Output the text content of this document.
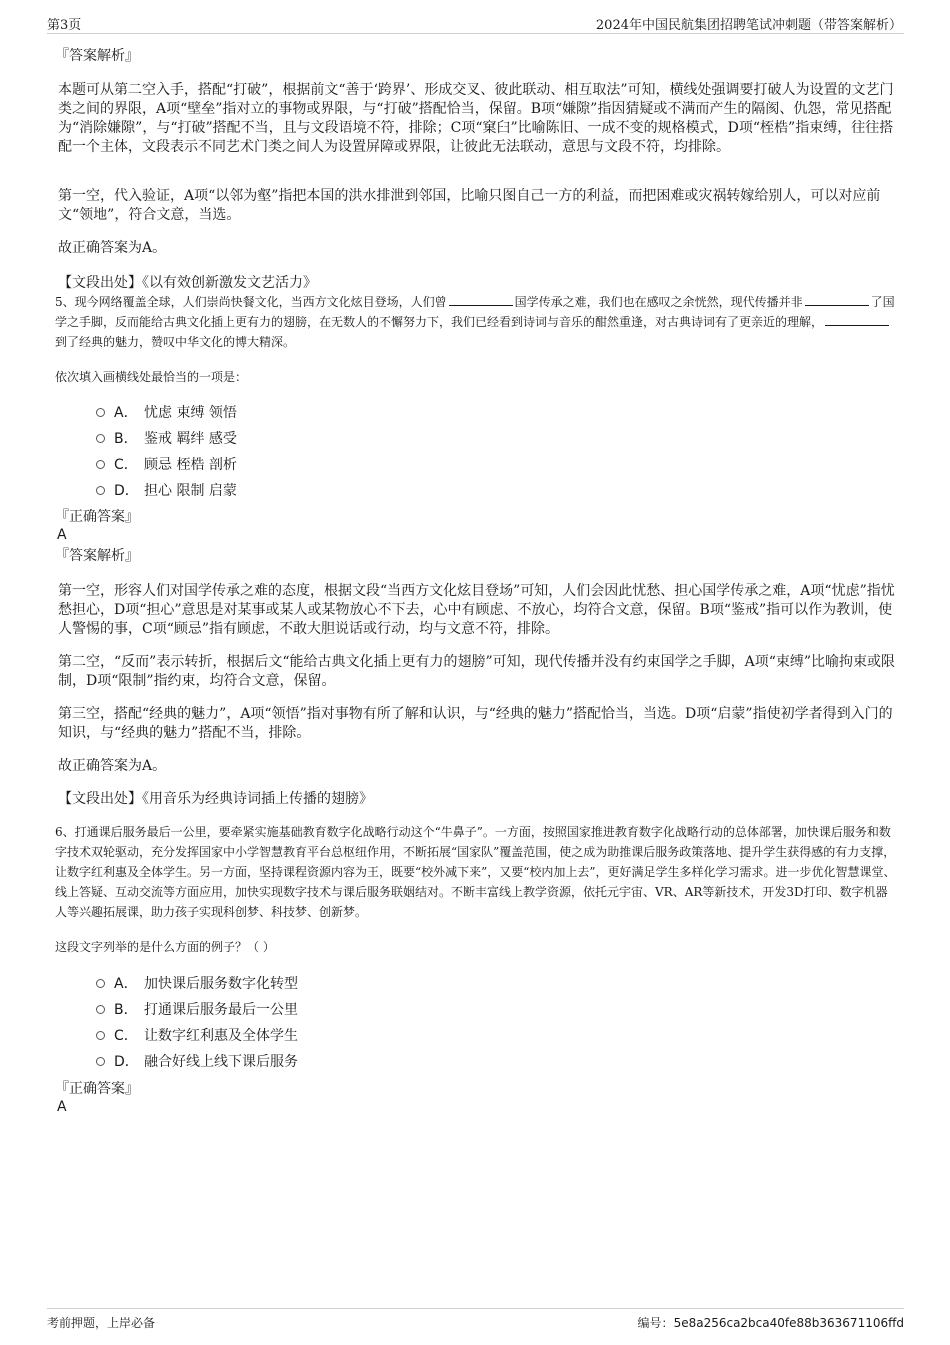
第3页	2024年中国民航集团招聘笔试冲刺题（带答案解析）
『答案解析』
本题可从第二空入手，搭配“打破”，根据前文“善于‘跨界’、形成交叉、彼此联动、相互取法”可知，横线处强调要打破人为设置的文艺门类之间的界限，A项“壁垒”指对立的事物或界限，与“打破”搭配恰当，保留。B项“嫌隙”指因猜疑或不满而产生的隔阂、仇怨，常见搭配为“消除嫌隙”，与“打破”搭配不当，且与文段语境不符，排除；C项“窠臼”比喻陈旧、一成不变的规格模式，D项“桎梏”指束缚，往往搭配一个主体，文段表示不同艺术门类之间人为设置屏障或界限，让彼此无法联动，意思与文段不符，均排除。
第一空，代入验证，A项“以邻为壑”指把本国的洪水排泄到邻国，比喻只图自己一方的利益，而把困难或灾祸转嫁给别人，可以对应前文“领地”，符合文意，当选。
故正确答案为A。
【文段出处】《以有效创新激发文艺活力》
5、现今网络覆盖全球，人们崇尚快餐文化，当西方文化炫目登场，人们曾	国学传承之难，我们也在感叹之余恍然，现代传播并非	了国学之手脚，反而能给古典文化插上更有力的翅膀，在无数人的不懈努力下，我们已经看到诗词与音乐的酣然重逢，对古典诗词有了更亲近的理解，到了经典的魅力，赞叹中华文化的博大精深。
依次填入画横线处最恰当的一项是：
A． 忧虑 束缚 领悟
B． 鉴戒 羁绊 感受
C． 顾忌 桎梏 剖析
D． 担心 限制 启蒙
『正确答案』
A
『答案解析』
第一空，形容人们对国学传承之难的态度，根据文段“当西方文化炫目登场”可知，人们会因此忧愁、担心国学传承之难，A项“忧虑”指忧愁担心，D项“担心”意思是对某事或某人或某物放心不下去，心中有顾虑、不放心，均符合文意，保留。B项“鉴戒”指可以作为教训，使人警惕的事，C项“顾忌”指有顾虑，不敢大胆说话或行动，均与文意不符，排除。
第二空，“反而”表示转折，根据后文“能给古典文化插上更有力的翅膀”可知，现代传播并没有约束国学之手脚，A项“束缚”比喻拘束或限制，D项“限制”指约束，均符合文意，保留。
第三空，搭配“经典的魅力”，A项“领悟”指对事物有所了解和认识，与“经典的魅力”搭配恰当，当选。D项“启蒙”指使初学者得到入门的知识，与“经典的魅力”搭配不当，排除。
故正确答案为A。
【文段出处】《用音乐为经典诗词插上传播的翅膀》
6、打通课后服务最后一公里，要牵紧实施基础教育数字化战略行动这个“牛鼻子”。一方面，按照国家推进教育数字化战略行动的总体部署，加快课后服务和数字技术双轮驱动，充分发挥国家中小学智慧教育平台总枢纽作用，不断拓展“国家队”覆盖范围，使之成为助推课后服务政策落地、提升学生获得感的有力支撑，让数字红利惠及全体学生。另一方面，坚持课程资源内容为王，既要“校外减下来”，又要“校内加上去”，更好满足学生多样化学习需求。进一步优化智慧课堂、线上答疑、互动交流等方面应用，加快实现数字技术与课后服务联姻结对。不断丰富线上教学资源，依托元宇宙、VR、AR等新技术，开发3D打印、数字机器人等兴趣拓展课，助力孩子实现科创梦、科技梦、创新梦。
这段文字列举的是什么方面的例子？（ ）
A． 加快课后服务数字化转型
B． 打通课后服务最后一公里
C． 让数字红利惠及全体学生
D． 融合好线上线下课后服务
『正确答案』
A
考前押题，上岸必备	编号：5e8a256ca2bca40fe88b363671106ffd
